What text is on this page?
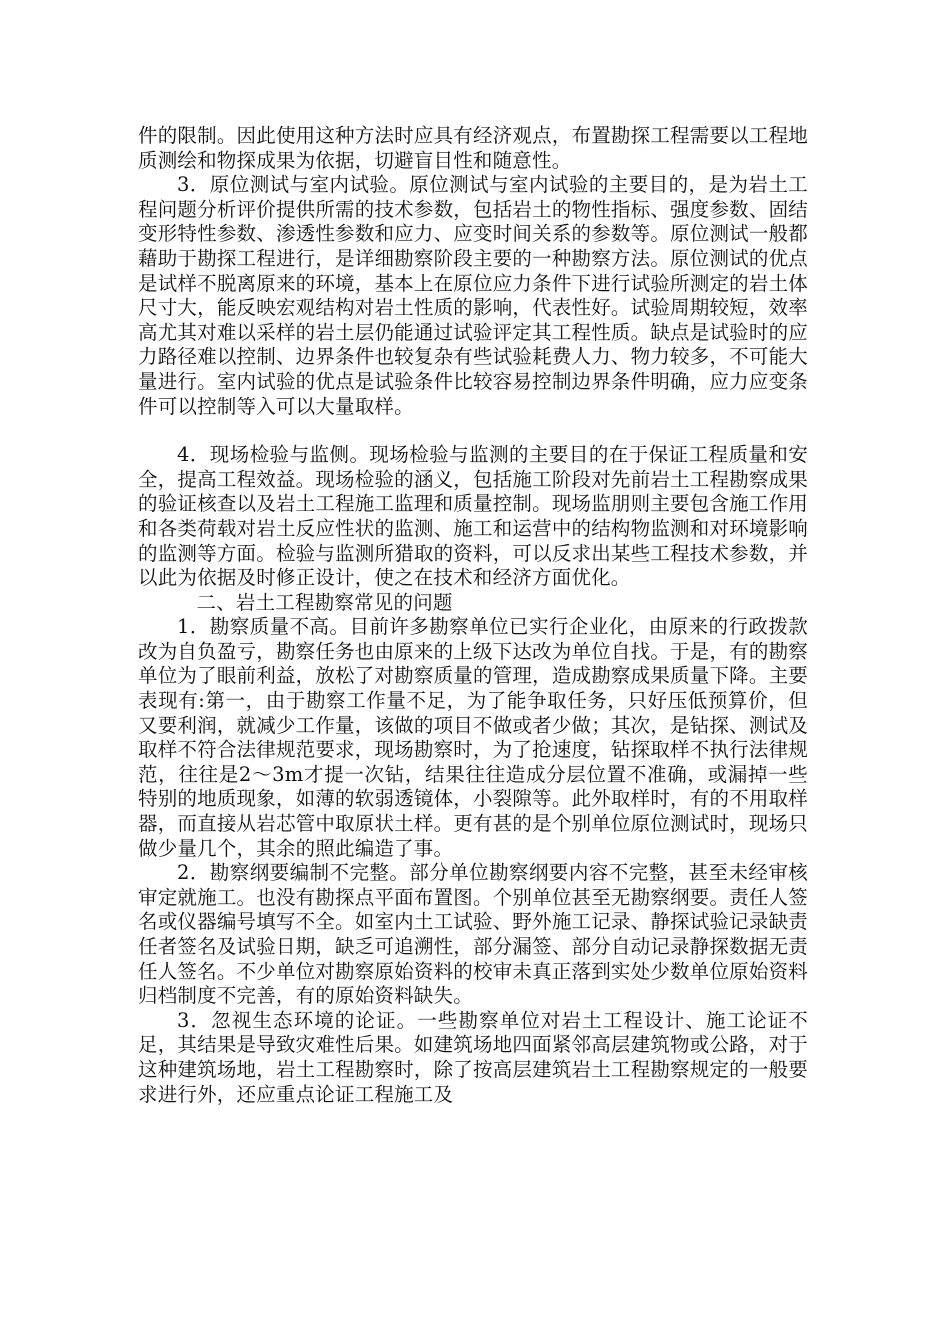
件的限制。因此使用这种方法时应具有经济观点，布置勘探工程需要以工程地质测绘和物探成果为依据，切避盲目性和随意性。

3．原位测试与室内试验。原位测试与室内试验的主要目的，是为岩土工程问题分析评价提供所需的技术参数，包括岩土的物性指标、强度参数、固结变形特性参数、渗透性参数和应力、应变时间关系的参数等。原位测试一般都藉助于勘探工程进行，是详细勘察阶段主要的一种勘察方法。原位测试的优点是试样不脱离原来的环境，基本上在原位应力条件下进行试验所测定的岩土体尺寸大，能反映宏观结构对岩土性质的影响，代表性好。试验周期较短，效率高尤其对难以采样的岩土层仍能通过试验评定其工程性质。缺点是试验时的应力路径难以控制、边界条件也较复杂有些试验耗费人力、物力较多，不可能大量进行。室内试验的优点是试验条件比较容易控制边界条件明确，应力应变条件可以控制等入可以大量取样。

4．现场检验与监侧。现场检验与监测的主要目的在于保证工程质量和安全，提高工程效益。现场检验的涵义，包括施工阶段对先前岩土工程勘察成果的验证核查以及岩土工程施工监理和质量控制。现场监朋则主要包含施工作用和各类荷载对岩土反应性状的监测、施工和运营中的结构物监测和对环境影响的监测等方面。检验与监测所猎取的资料，可以反求出某些工程技术参数，并以此为依据及时修正设计，使之在技术和经济方面优化。

二、岩土工程勘察常见的问题

1．勘察质量不高。目前许多勘察单位已实行企业化，由原来的行政拨款改为自负盈亏，勘察任务也由原来的上级下达改为单位自找。于是，有的勘察单位为了眼前利益，放松了对勘察质量的管理，造成勘察成果质量下降。主要表现有:第一，由于勘察工作量不足，为了能争取任务，只好压低预算价，但又要利润，就减少工作量，该做的项目不做或者少做；其次，是钻探、测试及取样不符合法律规范要求，现场勘察时，为了抢速度，钻探取样不执行法律规范，往往是2～3m才提一次钻，结果往往造成分层位置不准确，或漏掉一些特别的地质现象，如薄的软弱透镜体，小裂隙等。此外取样时，有的不用取样器，而直接从岩芯管中取原状土样。更有甚的是个别单位原位测试时，现场只做少量几个，其余的照此编造了事。

2．勘察纲要编制不完整。部分单位勘察纲要内容不完整，甚至未经审核审定就施工。也没有勘探点平面布置图。个别单位甚至无勘察纲要。责任人签名或仪器编号填写不全。如室内土工试验、野外施工记录、静探试验记录缺责任者签名及试验日期，缺乏可追溯性，部分漏签、部分自动记录静探数据无责任人签名。不少单位对勘察原始资料的校审未真正落到实处少数单位原始资料归档制度不完善，有的原始资料缺失。

3．忽视生态环境的论证。一些勘察单位对岩土工程设计、施工论证不足，其结果是导致灾难性后果。如建筑场地四面紧邻高层建筑物或公路，对于这种建筑场地，岩土工程勘察时，除了按高层建筑岩土工程勘察规定的一般要求进行外，还应重点论证工程施工及
